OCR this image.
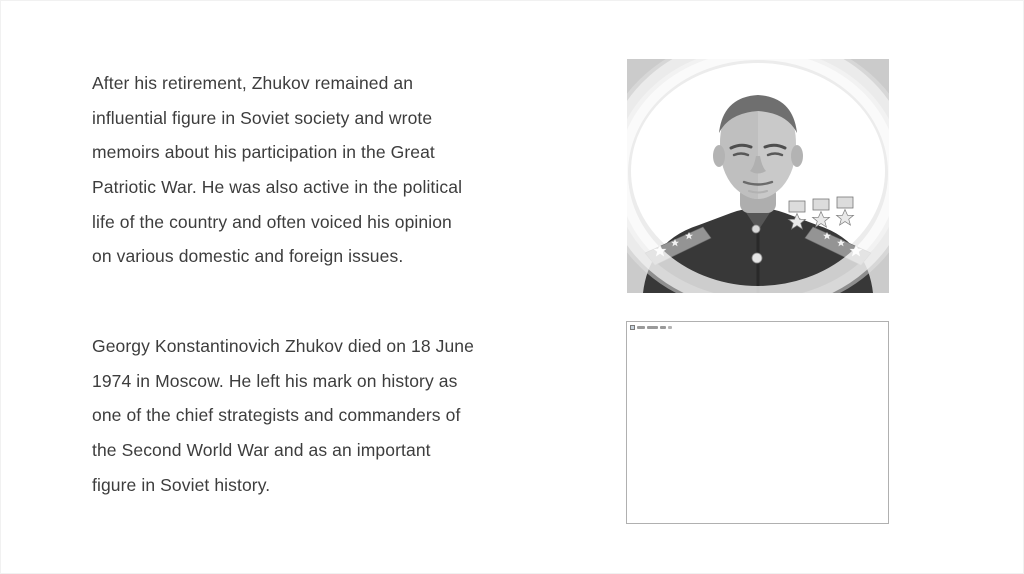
After his retirement, Zhukov remained an
influential figure in Soviet society and wrote
memoirs about his participation in the Great
Patriotic War. He was also active in the political
life of the country and often voiced his opinion
on various domestic and foreign issues.
Georgy Konstantinovich Zhukov died on 18 June
1974 in Moscow. He left his mark on history as
one of the chief strategists and commanders of
the Second World War and as an important
figure in Soviet history.
